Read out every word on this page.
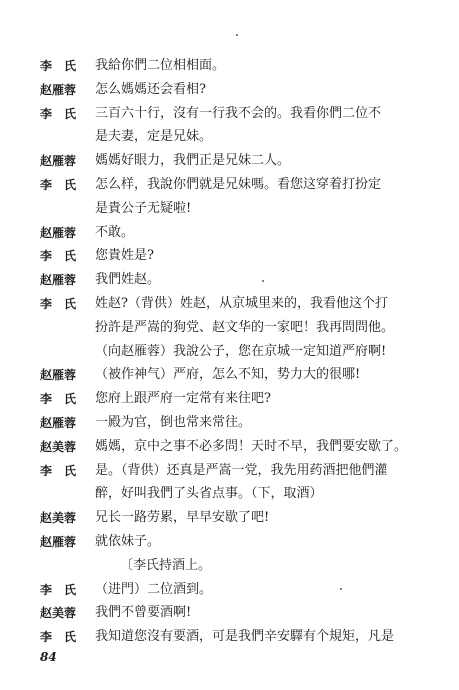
李　氏	我給你們二位相相面。
赵雁蓉	怎么媽媽还会看相?
李　氏	三百六十行，沒有一行我不会的。我看你們二位不
是夫妻，定是兄妹。
赵雁蓉	媽媽好眼力，我們正是兄妹二人。
李　氏	怎么样，我說你們就是兄妹嗎。看您这穿着打扮定
是貴公子无疑啦!
赵雁蓉	不敢。
李　氏	您貴姓是?
赵雁蓉	我們姓赵。
李　氏	姓赵?（背供）姓赵，从京城里来的，我看他这个打
扮許是严嵩的狗党、赵文华的一家吧！我再問問他。
（向赵雁蓉）我說公子，您在京城一定知道严府啊!
赵雁蓉	（被作神气）严府，怎么不知，势力大的很哪!
李　氏	您府上跟严府一定常有来往吧?
赵雁蓉	一殿为官，倒也常来常往。
赵美蓉	媽媽，京中之事不必多問！天时不早，我們要安歇了。
李　氏	是。（背供）还真是严嵩一党，我先用药酒把他們灌
醉，好叫我們了头省点事。（下，取酒）
赵美蓉	兄长一路劳累，早早安歇了吧!
赵雁蓉	就依妹子。
〔李氏持酒上。
李　氏	（进門）二位酒到。
赵美蓉	我們不曾要酒啊!
李　氏	我知道您沒有要酒，可是我們辛安驛有个規矩，凡是
84
